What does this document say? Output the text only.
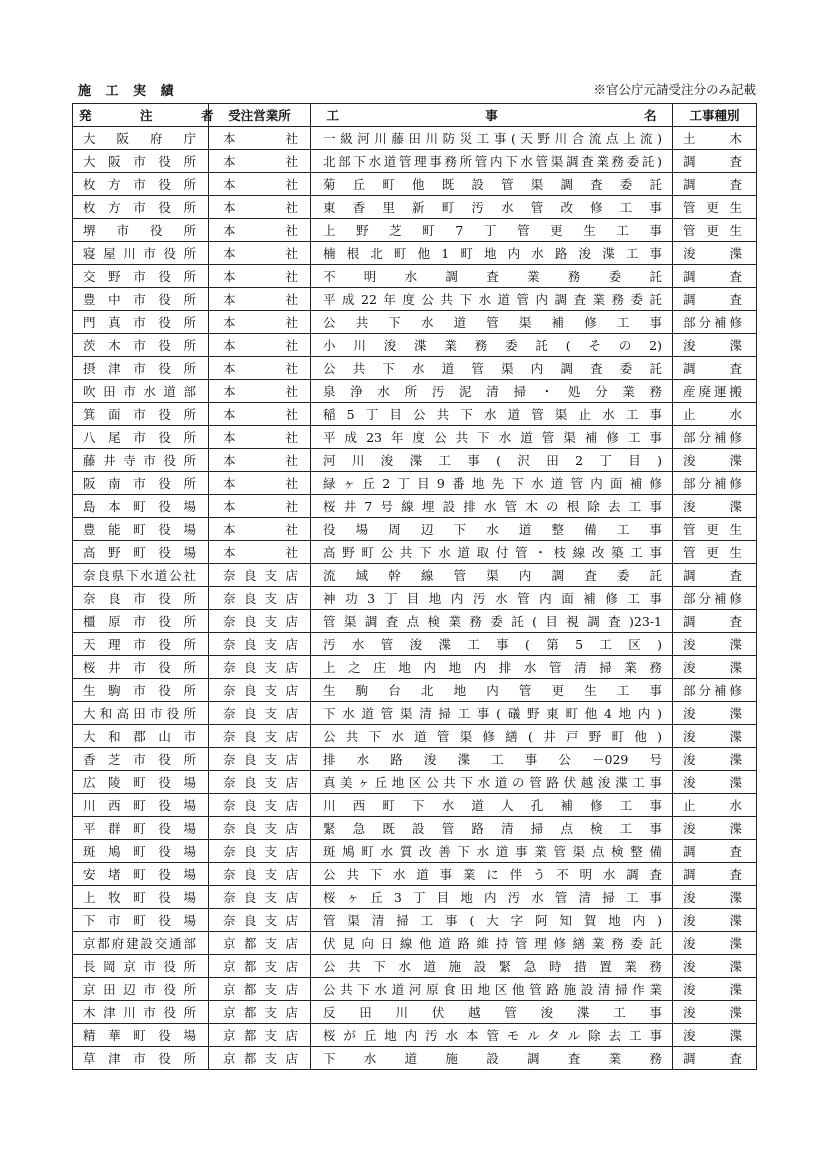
施 工 実 績	※官公庁元請受注分のみ記載
発　注　者	受注営業所	工　　　事　　　名	工事種別
大阪府庁	本社	一級河川藤田川防災工事(天野川合流点上流)	土木
大阪市役所	本社	北部下水道管理事務所管内下水管渠調査業務委託)	調査
枚方市役所	本社	菊丘町他既設管渠調査委託	調査
枚方市役所	本社	東香里新町汚水管改修工事	管更生
堺市役所	本社	上野芝町7丁管更生工事	管更生
寝屋川市役所	本社	楠根北町他1町地内水路浚渫工事	浚渫
交野市役所	本社	不明水調査業務委託	調査
豊中市役所	本社	平成22年度公共下水道管内調査業務委託	調査
門真市役所	本社	公共下水道管渠補修工事	部分補修
茨木市役所	本社	小川浚渫業務委託(その2)	浚渫
摂津市役所	本社	公共下水道管渠内調査委託	調査
吹田市水道部	本社	泉浄水所汚泥清掃・処分業務	産廃運搬
箕面市役所	本社	稲5丁目公共下水道管渠止水工事	止水
八尾市役所	本社	平成23年度公共下水道管渠補修工事	部分補修
藤井寺市役所	本社	河川浚渫工事(沢田2丁目)	浚渫
阪南市役所	本社	緑ヶ丘2丁目9番地先下水道管内面補修	部分補修
島本町役場	本社	桜井7号線埋設排水管木の根除去工事	浚渫
豊能町役場	本社	役場周辺下水道整備工事	管更生
高野町役場	本社	高野町公共下水道取付管・枝線改築工事	管更生
奈良県下水道公社	奈良支店	流域幹線管渠内調査委託	調査
奈良市役所	奈良支店	神功3丁目地内汚水管内面補修工事	部分補修
橿原市役所	奈良支店	管渠調査点検業務委託(目視調査)23-1	調査
天理市役所	奈良支店	汚水管浚渫工事(第5工区)	浚渫
桜井市役所	奈良支店	上之庄地内地内排水管清掃業務	浚渫
生駒市役所	奈良支店	生駒台北地内管更生工事	部分補修
大和高田市役所	奈良支店	下水道管渠清掃工事(礒野東町他4地内)	浚渫
大和郡山市	奈良支店	公共下水道管渠修繕(井戸野町他)	浚渫
香芝市役所	奈良支店	排水路浚渫工事公－029号	浚渫
広陵町役場	奈良支店	真美ヶ丘地区公共下水道の管路伏越浚渫工事	浚渫
川西町役場	奈良支店	川西町下水道人孔補修工事	止水
平群町役場	奈良支店	緊急既設管路清掃点検工事	浚渫
斑鳩町役場	奈良支店	斑鳩町水質改善下水道事業管渠点検整備	調査
安堵町役場	奈良支店	公共下水道事業に伴う不明水調査	調査
上牧町役場	奈良支店	桜ヶ丘3丁目地内汚水管清掃工事	浚渫
下市町役場	奈良支店	管渠清掃工事(大字阿知賀地内)	浚渫
京都府建設交通部	京都支店	伏見向日線他道路維持管理修繕業務委託	浚渫
長岡京市役所	京都支店	公共下水道施設緊急時措置業務	浚渫
京田辺市役所	京都支店	公共下水道河原食田地区他管路施設清掃作業	浚渫
木津川市役所	京都支店	反田川伏越管浚渫工事	浚渫
精華町役場	京都支店	桜が丘地内汚水本管モルタル除去工事	浚渫
草津市役所	京都支店	下水道施設調査業務	調査
